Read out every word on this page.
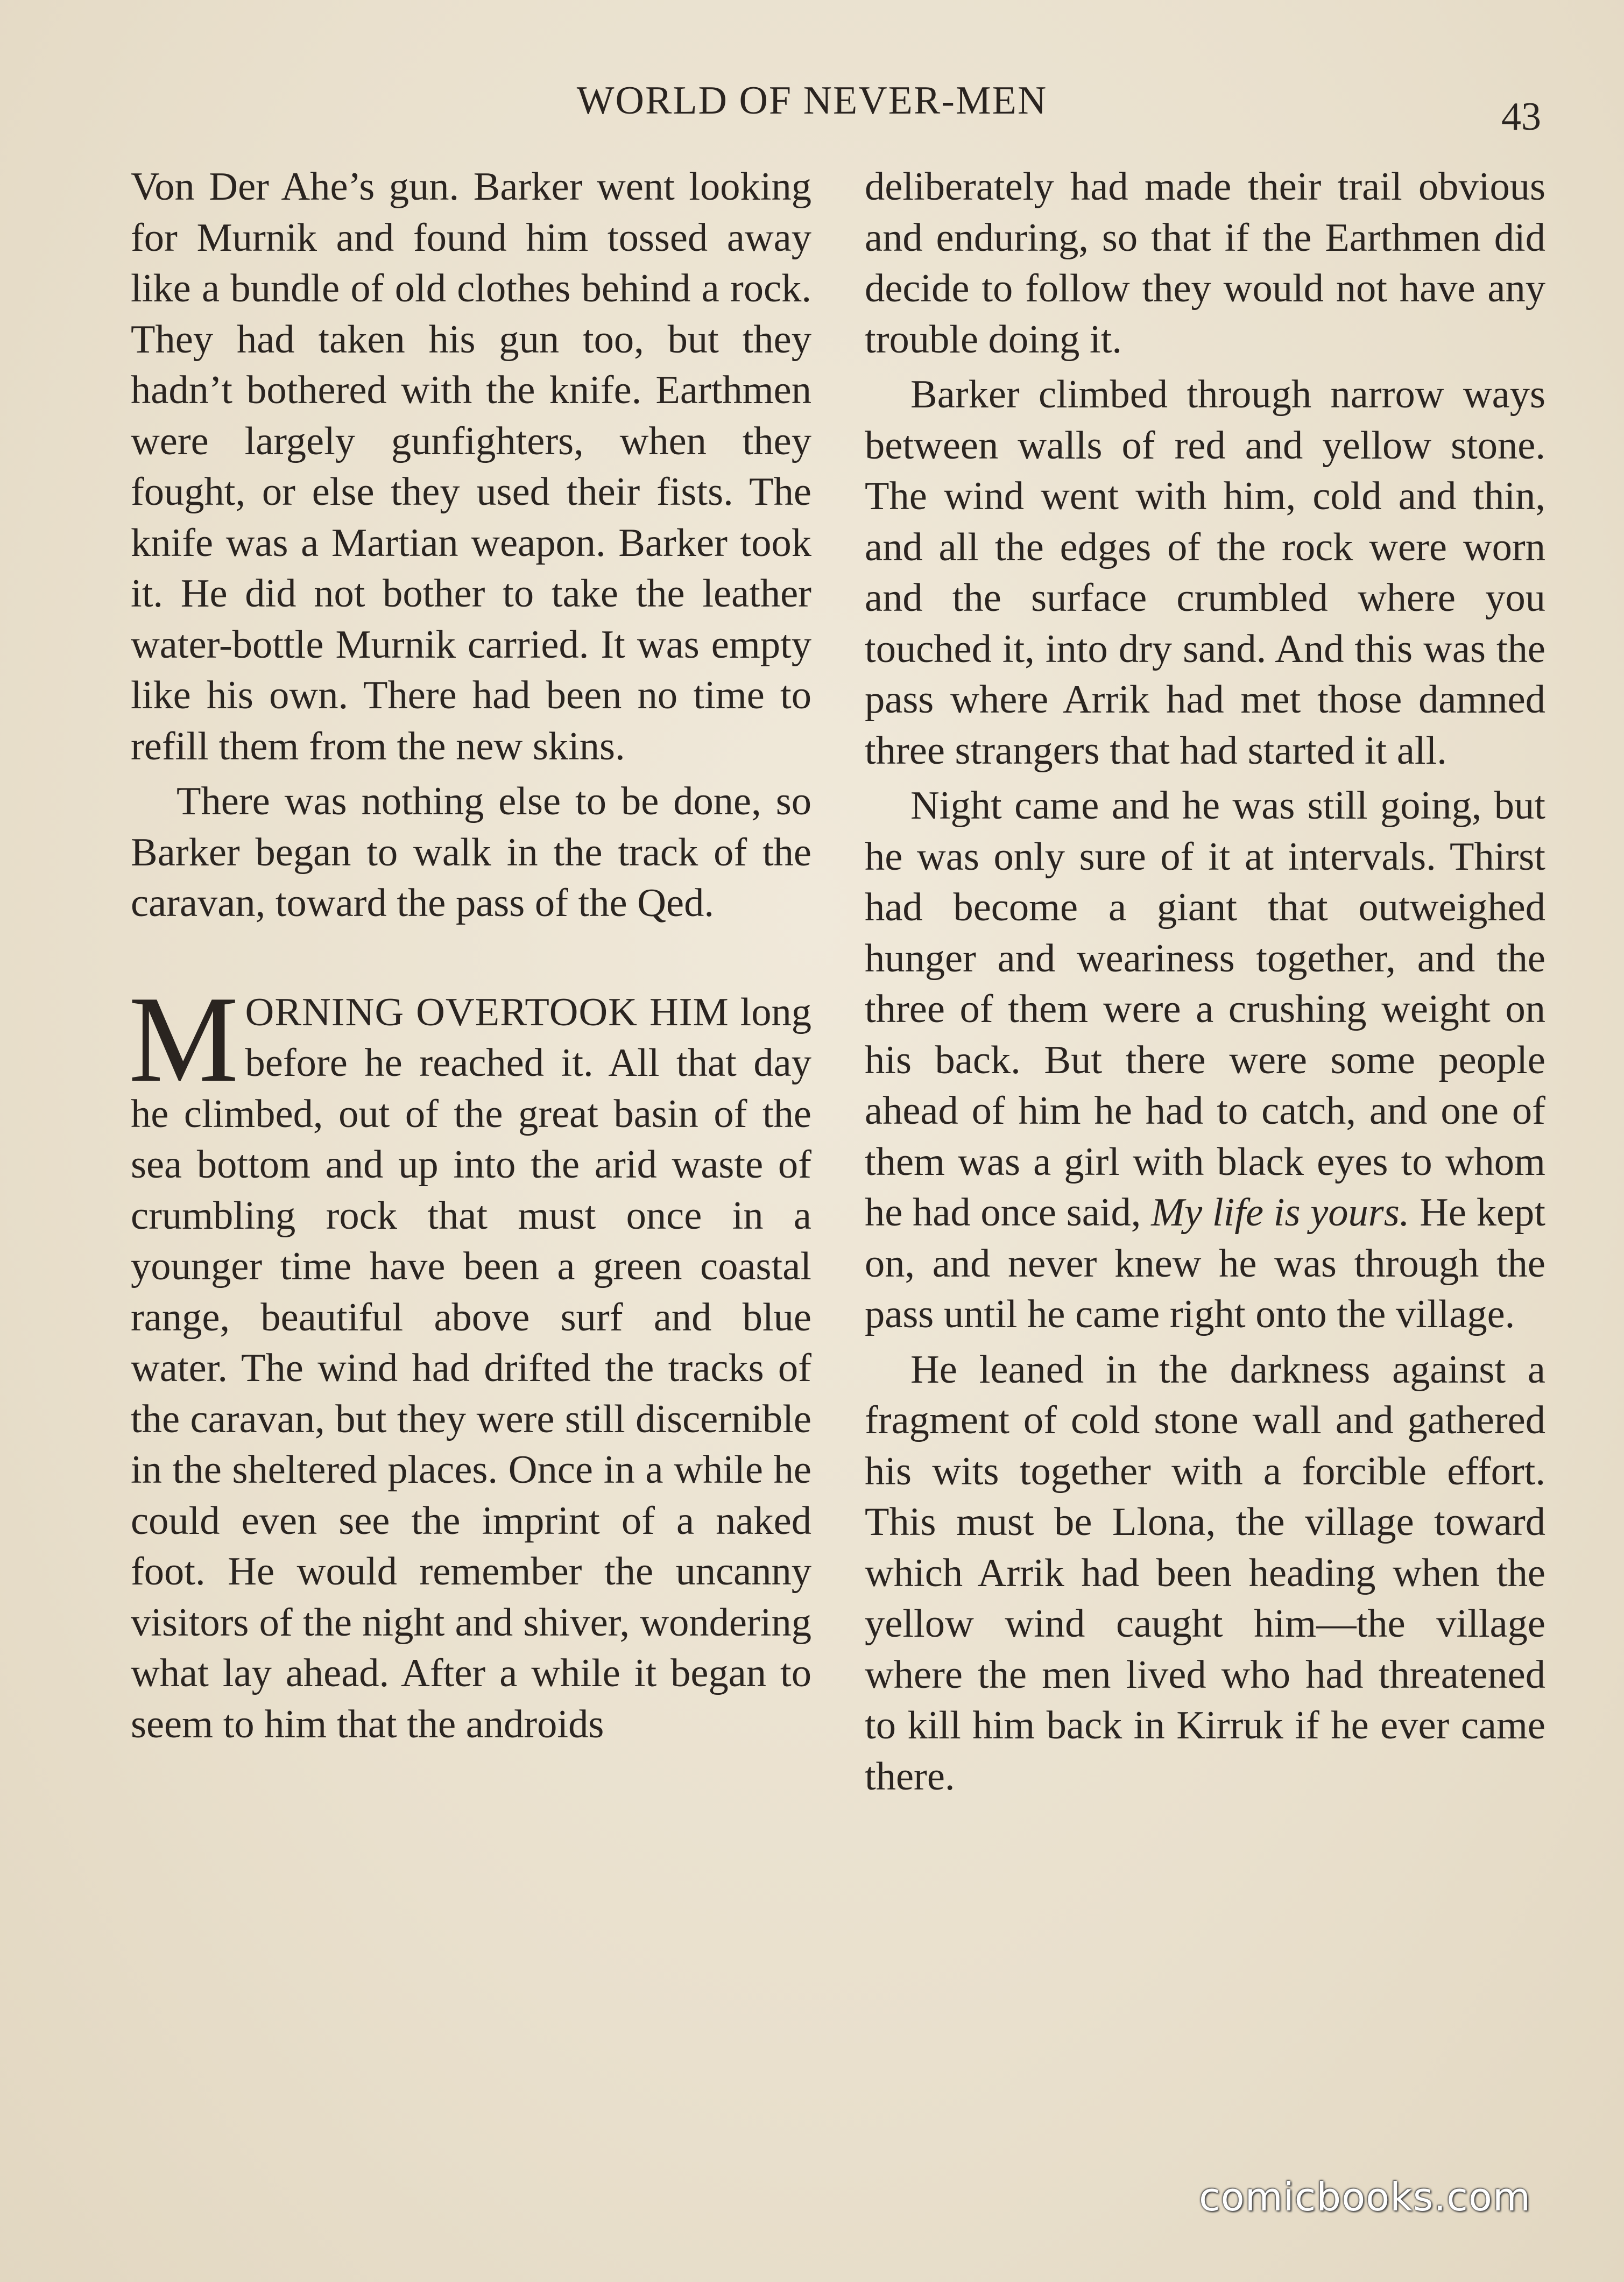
WORLD OF NEVER-MEN	43

Von Der Ahe’s gun. Barker went looking for Murnik and found him tossed away like a bundle of old clothes behind a rock. They had taken his gun too, but they hadn’t bothered with the knife. Earthmen were largely gunfighters, when they fought, or else they used their fists. The knife was a Martian weapon. Barker took it. He did not bother to take the leather water-bottle Murnik carried. It was empty like his own. There had been no time to refill them from the new skins.

There was nothing else to be done, so Barker began to walk in the track of the caravan, toward the pass of the Qed.

MORNING OVERTOOK HIM long before he reached it. All that day he climbed, out of the great basin of the sea bottom and up into the arid waste of crumbling rock that must once in a younger time have been a green coastal range, beautiful above surf and blue water. The wind had drifted the tracks of the caravan, but they were still discernible in the sheltered places. Once in a while he could even see the imprint of a naked foot. He would remember the uncanny visitors of the night and shiver, wondering what lay ahead. After a while it began to seem to him that the androids

deliberately had made their trail obvious and enduring, so that if the Earthmen did decide to follow they would not have any trouble doing it.

Barker climbed through narrow ways between walls of red and yellow stone. The wind went with him, cold and thin, and all the edges of the rock were worn and the surface crumbled where you touched it, into dry sand. And this was the pass where Arrik had met those damned three strangers that had started it all.

Night came and he was still going, but he was only sure of it at intervals. Thirst had become a giant that outweighed hunger and weariness together, and the three of them were a crushing weight on his back. But there were some people ahead of him he had to catch, and one of them was a girl with black eyes to whom he had once said, My life is yours. He kept on, and never knew he was through the pass until he came right onto the village.

He leaned in the darkness against a fragment of cold stone wall and gathered his wits together with a forcible effort. This must be Llona, the village toward which Arrik had been heading when the yellow wind caught him—the village where the men lived who had threatened to kill him back in Kirruk if he ever came there.

comicbooks.com
